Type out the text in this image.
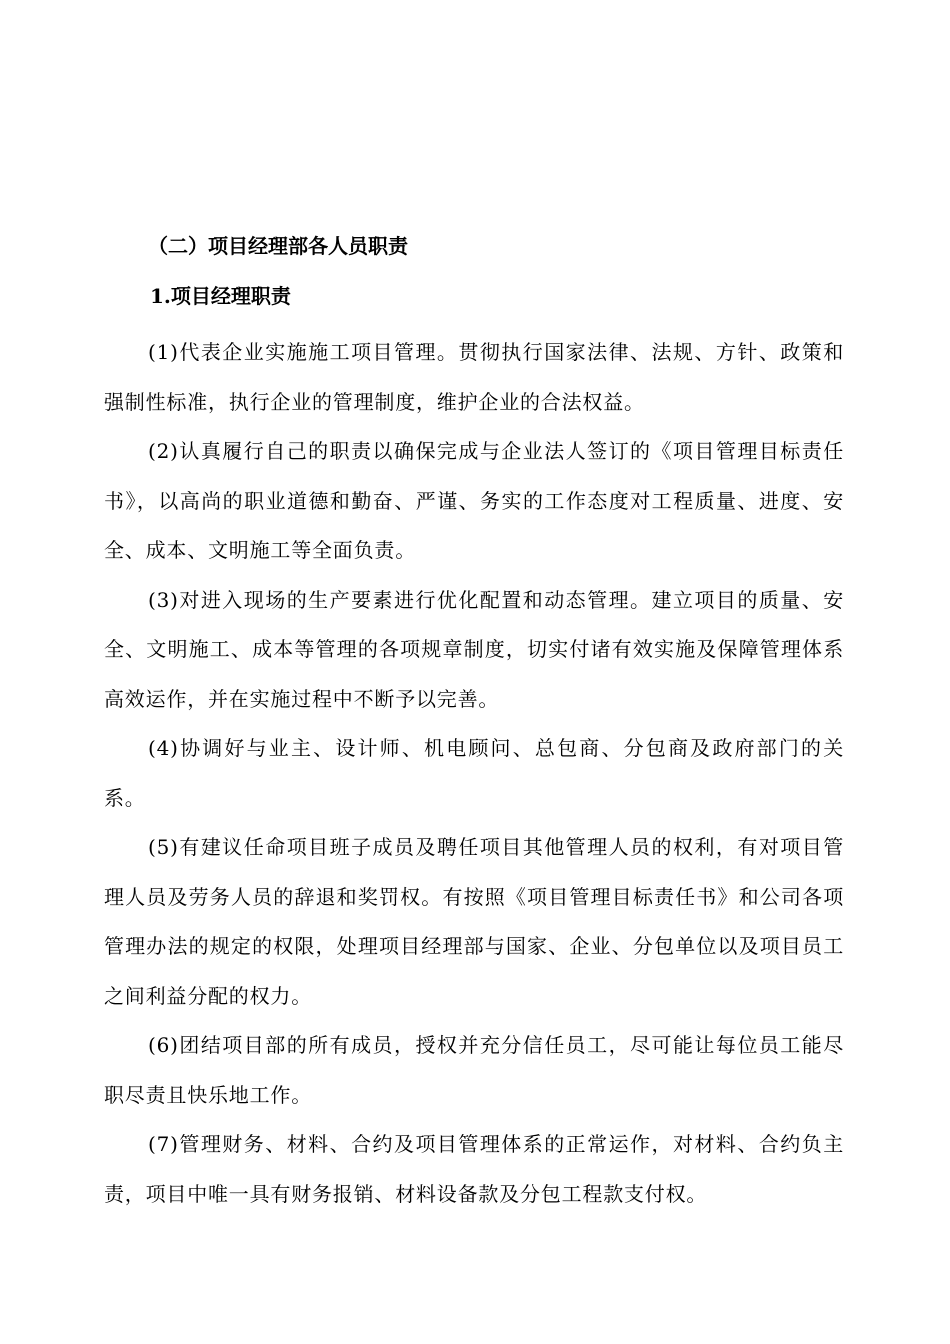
（二）项目经理部各人员职责
1.项目经理职责

(1)代表企业实施施工项目管理。贯彻执行国家法律、法规、方针、政策和强制性标准，执行企业的管理制度，维护企业的合法权益。

(2)认真履行自己的职责以确保完成与企业法人签订的《项目管理目标责任书》，以高尚的职业道德和勤奋、严谨、务实的工作态度对工程质量、进度、安全、成本、文明施工等全面负责。

(3)对进入现场的生产要素进行优化配置和动态管理。建立项目的质量、安全、文明施工、成本等管理的各项规章制度，切实付诸有效实施及保障管理体系高效运作，并在实施过程中不断予以完善。

(4)协调好与业主、设计师、机电顾问、总包商、分包商及政府部门的关系。

(5)有建议任命项目班子成员及聘任项目其他管理人员的权利，有对项目管理人员及劳务人员的辞退和奖罚权。有按照《项目管理目标责任书》和公司各项管理办法的规定的权限，处理项目经理部与国家、企业、分包单位以及项目员工之间利益分配的权力。

(6)团结项目部的所有成员，授权并充分信任员工，尽可能让每位员工能尽职尽责且快乐地工作。

(7)管理财务、材料、合约及项目管理体系的正常运作，对材料、合约负主责，项目中唯一具有财务报销、材料设备款及分包工程款支付权。
